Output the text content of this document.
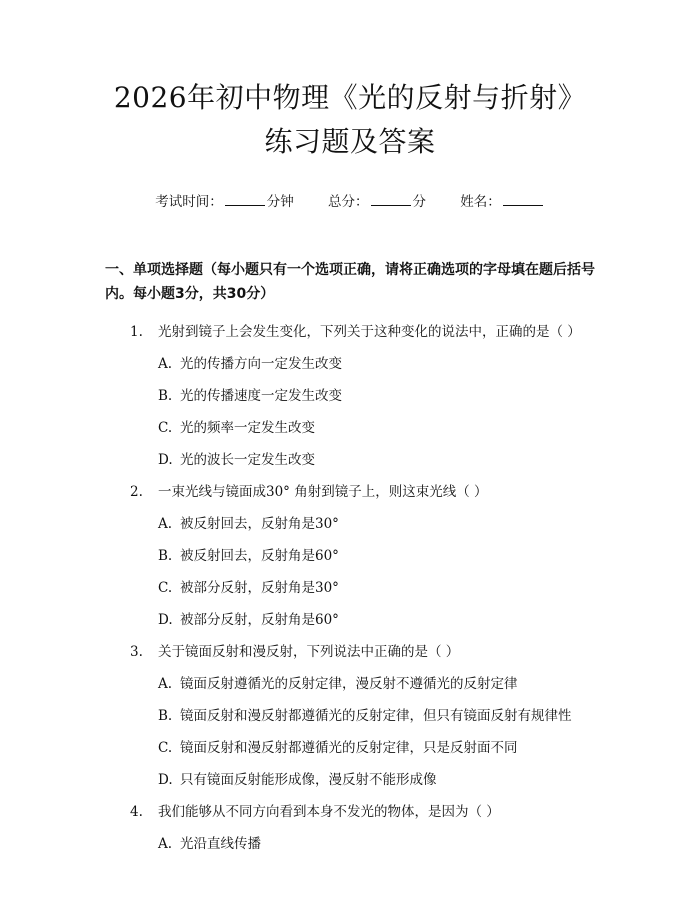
2026年初中物理《光的反射与折射》练习题及答案
考试时间：	分钟	总分：	分	姓名：
一、单项选择题（每小题只有一个选项正确，请将正确选项的字母填在题后括号内。每小题3分，共30分）
1.	光射到镜子上会发生变化，下列关于这种变化的说法中，正确的是（ ）
A. 光的传播方向一定发生改变
B. 光的传播速度一定发生改变
C. 光的频率一定发生改变
D. 光的波长一定发生改变
2.	一束光线与镜面成30° 角射到镜子上，则这束光线（ ）
A. 被反射回去，反射角是30°
B. 被反射回去，反射角是60°
C. 被部分反射，反射角是30°
D. 被部分反射，反射角是60°
3.	关于镜面反射和漫反射，下列说法中正确的是（ ）
A. 镜面反射遵循光的反射定律，漫反射不遵循光的反射定律
B. 镜面反射和漫反射都遵循光的反射定律，但只有镜面反射有规律性
C. 镜面反射和漫反射都遵循光的反射定律，只是反射面不同
D. 只有镜面反射能形成像，漫反射不能形成像
4.	我们能够从不同方向看到本身不发光的物体，是因为（ ）
A. 光沿直线传播
